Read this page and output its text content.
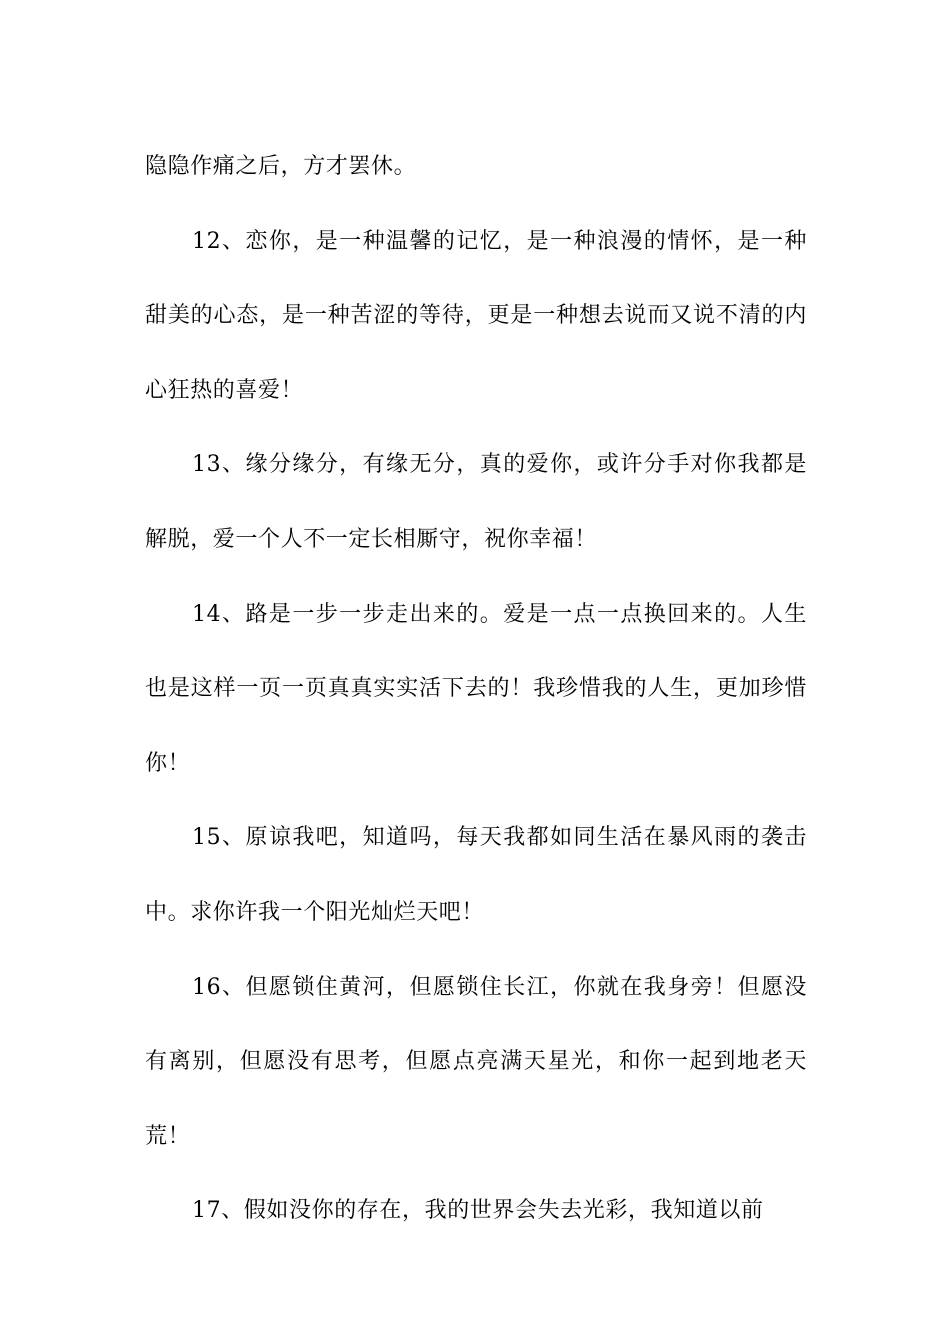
隐隐作痛之后，方才罢休。

12、恋你，是一种温馨的记忆，是一种浪漫的情怀，是一种甜美的心态，是一种苦涩的等待，更是一种想去说而又说不清的内心狂热的喜爱！

13、缘分缘分，有缘无分，真的爱你，或许分手对你我都是解脱，爱一个人不一定长相厮守，祝你幸福！

14、路是一步一步走出来的。爱是一点一点换回来的。人生也是这样一页一页真真实实活下去的！我珍惜我的人生，更加珍惜你！

15、原谅我吧，知道吗，每天我都如同生活在暴风雨的袭击中。求你许我一个阳光灿烂天吧！

16、但愿锁住黄河，但愿锁住长江，你就在我身旁！但愿没有离别，但愿没有思考，但愿点亮满天星光，和你一起到地老天荒！

17、假如没你的存在，我的世界会失去光彩，我知道以前
